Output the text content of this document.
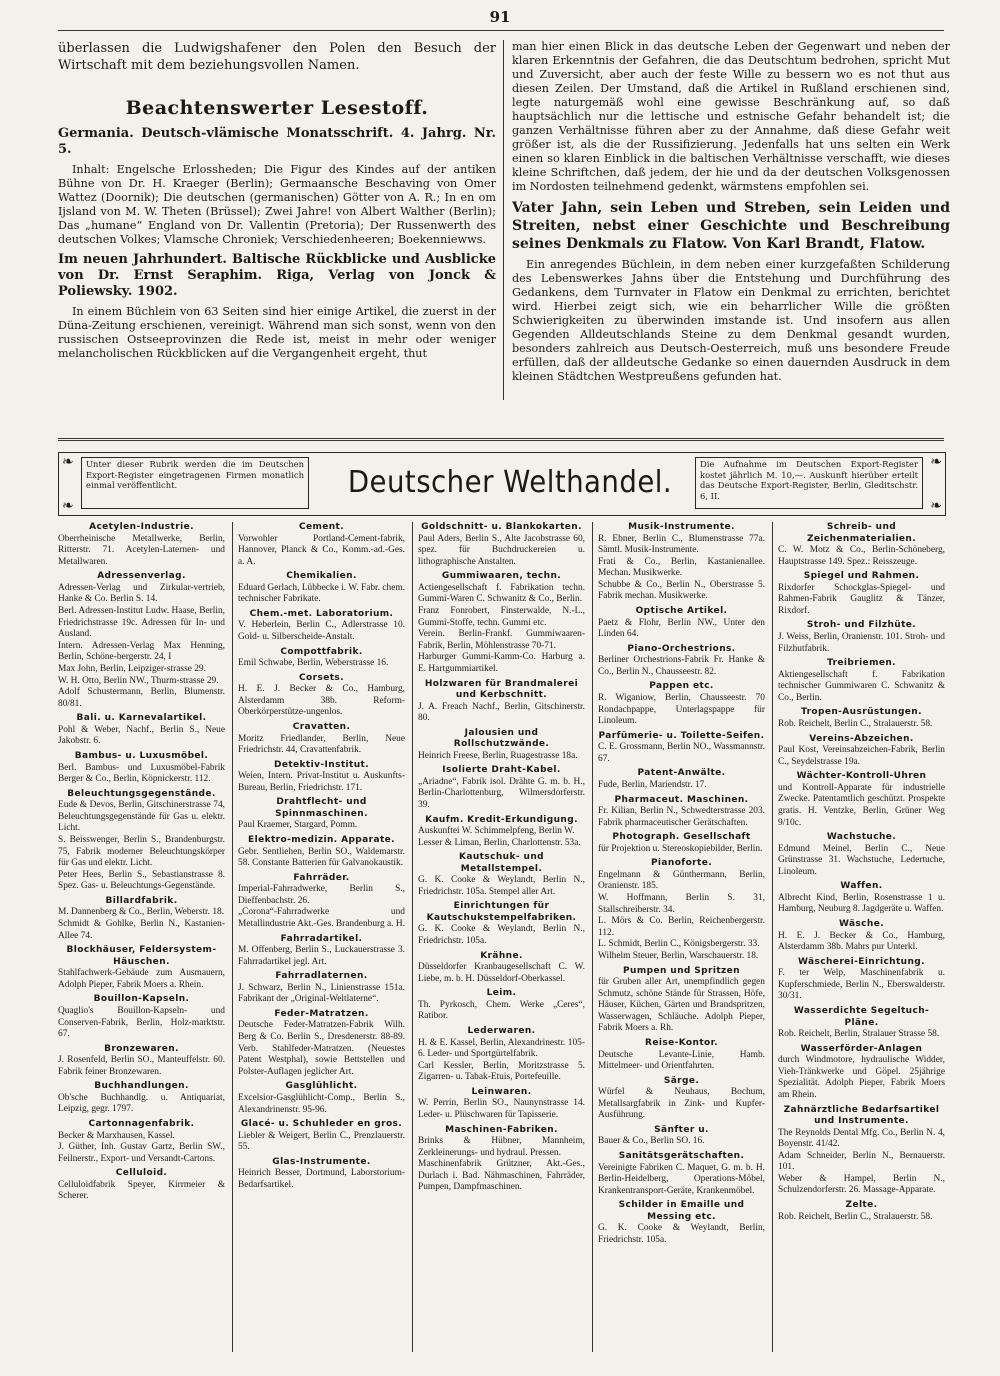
91

überlassen die Ludwigshafener den Polen den Besuch der Wirtschaft mit dem beziehungsvollen Namen.

Beachtenswerter Lesestoff.

Germania. Deutsch-vlämische Monatsschrift. 4. Jahrg. Nr. 5.

Inhalt: Engelsche Erlossheden; Die Figur des Kindes auf der antiken Bühne von Dr. H. Kraeger (Berlin); Germaansche Beschaving von Omer Wattez (Doornik); Die deutschen (germanischen) Götter von A. R.; In en om Ijsland von M. W. Theten (Brüssel); Zwei Jahre! von Albert Walther (Berlin); Das „humane“ England von Dr. Vallentin (Pretoria); Der Russenwerth des deutschen Volkes; Vlamsche Chroniek; Verschiedenheeren; Boekenniewws.

Im neuen Jahrhundert. Baltische Rückblicke und Ausblicke von Dr. Ernst Seraphim. Riga, Verlag von Jonck & Poliewsky. 1902.

In einem Büchlein von 63 Seiten sind hier einige Artikel, die zuerst in der Düna-Zeitung erschienen, vereinigt. Während man sich sonst, wenn von den russischen Ostseeprovinzen die Rede ist, meist in mehr oder weniger melancholischen Rückblicken auf die Vergangenheit ergeht, thut

man hier einen Blick in das deutsche Leben der Gegenwart und neben der klaren Erkenntnis der Gefahren, die das Deutschtum bedrohen, spricht Mut und Zuversicht, aber auch der feste Wille zu bessern wo es not thut aus diesen Zeilen. Der Umstand, daß die Artikel in Rußland erschienen sind, legte naturgemäß wohl eine gewisse Beschränkung auf, so daß hauptsächlich nur die lettische und estnische Gefahr behandelt ist; die ganzen Verhältnisse führen aber zu der Annahme, daß diese Gefahr weit größer ist, als die der Russifizierung. Jedenfalls hat uns selten ein Werk einen so klaren Einblick in die baltischen Verhältnisse verschafft, wie dieses kleine Schriftchen, daß jedem, der hie und da der deutschen Volksgenossen im Nordosten teilnehmend gedenkt, wärmstens empfohlen sei.

Vater Jahn, sein Leben und Streben, sein Leiden und Streiten, nebst einer Geschichte und Beschreibung seines Denkmals zu Flatow. Von Karl Brandt, Flatow.

Ein anregendes Büchlein, in dem neben einer kurzgefaßten Schilderung des Lebenswerkes Jahns über die Entstehung und Durchführung des Gedankens, dem Turnvater in Flatow ein Denkmal zu errichten, berichtet wird. Hierbei zeigt sich, wie ein beharrlicher Wille die größten Schwierigkeiten zu überwinden imstande ist. Und insofern aus allen Gegenden Alldeutschlands Steine zu dem Denkmal gesandt wurden, besonders zahlreich aus Deutsch-Oesterreich, muß uns besondere Freude erfüllen, daß der alldeutsche Gedanke so einen dauernden Ausdruck in dem kleinen Städtchen Westpreußens gefunden hat.

❧	❧
❧	❧
Unter dieser Rubrik werden die im Deutschen Export-Register eingetragenen Firmen monatlich einmal veröffentlicht.	Deutscher Welthandel.
Die Aufnahme im Deutschen Export-Register kostet jährlich M. 10,—. Auskunft hierüber erteilt das Deutsche Export-Register, Berlin, Gleditschstr. 6, II.
Acetylen-Industrie.
Oberrheinische Metallwerke, Berlin, Ritterstr. 71. Acetylen-Laternen- und Metallwaren.
Adressenverlag.
Adressen-Verlag und Zirkular-vertrieb, Hanke & Co. Berlin S. 14.
Berl. Adressen-Institut Ludw. Haase, Berlin, Friedrichstrasse 19c. Adressen für In- und Ausland.
Intern. Adressen-Verlag Max Henning, Berlin, Schöne-bergerstr. 24, I
Max John, Berlin, Leipziger-strasse 29.
W. H. Otto, Berlin NW., Thurm-strasse 29.
Adolf Schustermann, Berlin, Blumenstr. 80/81.
Bali. u. Karnevalartikel.
Pohl & Weber, Nachf., Berlin S., Neue Jakobstr. 6.
Bambus- u. Luxusmöbel.
Berl. Bambus- und Luxusmöbel-Fabrik Berger & Co., Berlin, Köpnickerstr. 112.
Beleuchtungsgegenstände.
Eude & Devos, Berlin, Gitschinerstrasse 74, Beleuchtungsgegenstände für Gas u. elektr. Licht.
S. Beisswenger, Berlin S., Brandenburgstr. 75, Fabrik moderner Beleuchtungskörper für Gas und elektr. Licht.
Peter Hees, Berlin S., Sebastianstrasse 8. Spez. Gas- u. Beleuchtungs-Gegenstände.
Billardfabrik.
M. Dannenberg & Co., Berlin, Weberstr. 18.
Schmidt & Gohlke, Berlin N., Kastanien-Allee 74.
Blockhäuser, Feldersystem-Häuschen.
Stahlfachwerk-Gebäude zum Ausmauern, Adolph Pieper, Fabrik Moers a. Rhein.
Bouillon-Kapseln.
Quaglio's Bouillon-Kapseln- und Conserven-Fabrik, Berlin, Holz-marktstr. 67.
Bronzewaren.
J. Rosenfeld, Berlin SO., Manteuffelstr. 60. Fabrik feiner Bronzewaren.
Buchhandlungen.
Ob'sche Buchhandlg. u. Antiquariat, Leipzig, gegr. 1797.
Cartonnagenfabrik.
Becker & Marxhausen, Kassel.
J. Güther, Inh. Gustav Gartz, Berlin SW., Feilnerstr., Export- und Versandt-Cartons.
Celluloid.
Celluloidfabrik Speyer, Kirrmeier & Scherer.
Cement.
Vorwohler Portland-Cement-fabrik, Hannover, Planck & Co., Komm.-ad.-Ges. a. A.
Chemikalien.
Eduard Gerlach, Lübbecke i. W. Fabr. chem. technischer Fabrikate.
Chem.-met. Laboratorium.
V. Heberlein, Berlin C., Adlerstrasse 10. Gold- u. Silberscheide-Anstalt.
Compottfabrik.
Emil Schwabe, Berlin, Weberstrasse 16.
Corsets.
H. E. J. Becker & Co., Hamburg, Alsterdamm 38b. Reform-Oberkörperstütze-ungenlos.
Cravatten.
Moritz Friedlander, Berlin, Neue Friedrichstr. 44, Cravattenfabrik.
Detektiv-Institut.
Weien, Intern. Privat-Institut u. Auskunfts-Bureau, Berlin, Friedrichstr. 171.
Drahtflecht- und Spinnmaschinen.
Paul Kraemer, Stargard, Pomm.
Elektro-medizin. Apparate.
Gebr. Sentliehen, Berlin SO., Waldemarstr. 58. Constante Batterien für Galvanokaustik.
Fahrräder.
Imperial-Fahrradwerke, Berlin S., Dieffenbachstr. 26.
„Corona“-Fahrradwerke und Metallindustrie Akt.-Ges. Brandenburg a. H.
Fahrradartikel.
M. Offenberg, Berlin S., Luckauerstrasse 3. Fahrradartikel jegl. Art.
Fahrradlaternen.
J. Schwarz, Berlin N., Linienstrasse 151a. Fabrikant der „Original-Weltlaterne“.
Feder-Matratzen.
Deutsche Feder-Matratzen-Fabrik Wilh. Berg & Co. Berlin S., Dresdenerstr. 88-89. Verb. Stahlfeder-Matratzen. (Neuestes Patent Westphal), sowie Bettstellen und Polster-Auflagen jeglicher Art.
Gasglühlicht.
Excelsior-Gasglühlicht-Comp., Berlin S., Alexandrinenstr. 95-96.
Glacé- u. Schuhleder en gros.
Liebler & Weigert, Berlin C., Prenzlauerstr. 55.
Glas-Instrumente.
Heinrich Besser, Dortmund, Laborstorium-Bedarfsartikel.
Goldschnitt- u. Blankokarten.
Paul Aders, Berlin S., Alte Jacobstrasse 60, spez. für Buchdruckereien u. lithographische Anstalten.
Gummiwaaren, techn.
Actiengesellschaft f. Fabrikation techn. Gummi-Waren C. Schwanitz & Co., Berlin.
Franz Fonrobert, Finsterwalde, N.-L., Gummi-Stoffe, techn. Gummi etc.
Verein. Berlin-Frankf. Gummiwaaren-Fabrik, Berlin, Möhlenstrasse 70-71.
Harburger Gummi-Kamm-Co. Harburg a. E. Hartgummiartikel.
Holzwaren für Brandmalerei und Kerbschnitt.
J. A. Freach Nachf., Berlin, Gitschinerstr. 80.
Jalousien und Rollschutzwände.
Heinrich Freese, Berlin, Ruagestrasse 18a.
Isolierte Draht-Kabel.
„Ariadne“, Fabrik isol. Drähte G. m. b. H., Berlin-Charlottenburg, Wilmersdorferstr. 39.
Kaufm. Kredit-Erkundigung.
Auskunftei W. Schimmelpfeng, Berlin W.
Lesser & Liman, Berlin, Charlottenstr. 53a.
Kautschuk- und Metallstempel.
G. K. Cooke & Weylandt, Berlin N., Friedrichstr. 105a. Stempel aller Art.
Einrichtungen für Kautschukstempelfabriken.
G. K. Cooke & Weylandt, Berlin N., Friedrichstr. 105a.
Krähne.
Düsseldorfer Kranbaugesellschaft C. W. Liebe, m. b. H. Düsseldorf-Oberkassel.
Leim.
Th. Pyrkosch, Chem. Werke „Ceres“, Ratibor.
Lederwaren.
H. & E. Kassel, Berlin, Alexandrinestr. 105-6. Leder- und Sportgürtelfabrik.
Carl Kessler, Berlin, Moritzstrasse 5. Zigarren- u. Tabak-Etuis, Portefeuille.
Leinwaren.
W. Perrin, Berlin SO., Naunynstrasse 14. Leder- u. Plüschwaren für Tapisserie.
Maschinen-Fabriken.
Brinks & Hübner, Mannheim, Zerkleinerungs- und hydraul. Pressen.
Maschinenfabrik Grützner, Akt.-Ges., Durlach i. Bad. Nähmaschinen, Fahrräder, Pumpen, Dampfmaschinen.
Musik-Instrumente.
R. Ebner, Berlin C., Blumenstrasse 77a. Sämtl. Musik-Instrumente.
Frati & Co., Berlin, Kastanienallee. Mechan. Musikwerke.
Schubbe & Co., Berlin N., Oberstrasse 5. Fabrik mechan. Musikwerke.
Optische Artikel.
Paetz & Flohr, Berlin NW., Unter den Linden 64.
Piano-Orchestrions.
Berliner Orchestrions-Fabrik Fr. Hanke & Co., Berlin N., Chausseestr. 82.
Pappen etc.
R. Wiganiow, Berlin, Chausseestr. 70 Rondachpappe, Unterlagspappe für Linoleum.
Parfümerie- u. Toilette-Seifen.
C. E. Grossmann, Berlin NO., Wassmannstr. 67.
Patent-Anwälte.
Fude, Berlin, Mariendstr. 17.
Pharmaceut. Maschinen.
Fr. Kilian, Berlin N., Schwedterstrasse 203. Fabrik pharmaceutischer Gerätschaften.
Photograph. Gesellschaft
für Projektion u. Stereoskopiebilder, Berlin.
Pianoforte.
Engelmann & Günthermann, Berlin, Oranienstr. 185.
W. Hoffmann, Berlin S. 31, Stallschreiberstr. 34.
L. Mörs & Co. Berlin, Reichenbergerstr. 112.
L. Schmidt, Berlin C., Königsbergerstr. 33.
Wilhelm Steuer, Berlin, Warschauerstr. 18.
Pumpen und Spritzen
für Gruben aller Art, unempfindlich gegen Schmutz, schöne Stände für Strassen, Höfe, Häuser, Küchen, Gärten und Brandspritzen, Wasserwagen, Schläuche. Adolph Pieper, Fabrik Moers a. Rh.
Reise-Kontor.
Deutsche Levante-Linie, Hamb. Mittelmeer- und Orientfahrten.
Särge.
Würfel & Neuhaus, Bochum, Metallsargfabrik in Zink- und Kupfer-Ausführung.
Sänfter u.
Bauer & Co., Berlin SO. 16.
Sanitätsgerätschaften.
Vereinigte Fabriken C. Maquet, G. m. b. H. Berlin-Heidelberg, Operations-Möbel, Krankentransport-Geräte, Krankenmöbel.
Schilder in Emaille und Messing etc.
G. K. Cooke & Weylandt, Berlin, Friedrichstr. 105a.
Schreib- und Zeichenmaterialien.
C. W. Motz & Co., Berlin-Schöneberg, Hauptstrasse 149. Spez.: Reisszeuge.
Spiegel und Rahmen.
Rixdorfer Schockglas-Spiegel- und Rahmen-Fabrik Gauglitz & Tänzer, Rixdorf.
Stroh- und Filzhüte.
J. Weiss, Berlin, Oranienstr. 101. Stroh- und Filzhutfabrik.
Treibriemen.
Aktiengesellschaft f. Fabrikation technischer Gummiwaren C. Schwanitz & Co., Berlin.
Tropen-Ausrüstungen.
Rob. Reichelt, Berlin C., Stralauerstr. 58.
Vereins-Abzeichen.
Paul Kost, Vereinsabzeichen-Fabrik, Berlin C., Seydelstrasse 19a.
Wächter-Kontroll-Uhren
und Kontroll-Apparate für industrielle Zwecke. Patentamtlich geschützt. Prospekte gratis. H. Ventzke, Berlin, Grüner Weg 9/10c.
Wachstuche.
Edmund Meinel, Berlin C., Neue Grünstrasse 31. Wachstuche, Ledertuche, Linoleum.
Waffen.
Albrecht Kind, Berlin, Rosenstrasse 1 u. Hamburg, Neuburg 8. Jagdgeräte u. Waffen.
Wäsche.
H. E. J. Becker & Co., Hamburg, Alsterdamm 38b. Mahrs pur Unterkl.
Wäscherei-Einrichtung.
F. ter Welp, Maschinenfabrik u. Kupferschmiede, Berlin N., Eberswalderstr. 30/31.
Wasserdichte Segeltuch-Pläne.
Rob. Reichelt, Berlin, Stralauer Strasse 58.
Wasserförder-Anlagen
durch Windmotore, hydraulische Widder, Vieh-Tränkwerke und Göpel. 25jährige Spezialität. Adolph Pieper, Fabrik Moers am Rhein.
Zahnärztliche Bedarfsartikel und Instrumente.
The Reynolds Dental Mfg. Co., Berlin N. 4, Boyenstr. 41/42.
Adam Schneider, Berlin N., Bernauerstr. 101.
Weber & Hampel, Berlin N., Schulzendorferstr. 26. Massage-Apparate.
Zelte.
Rob. Reichelt, Berlin C., Stralauerstr. 58.
